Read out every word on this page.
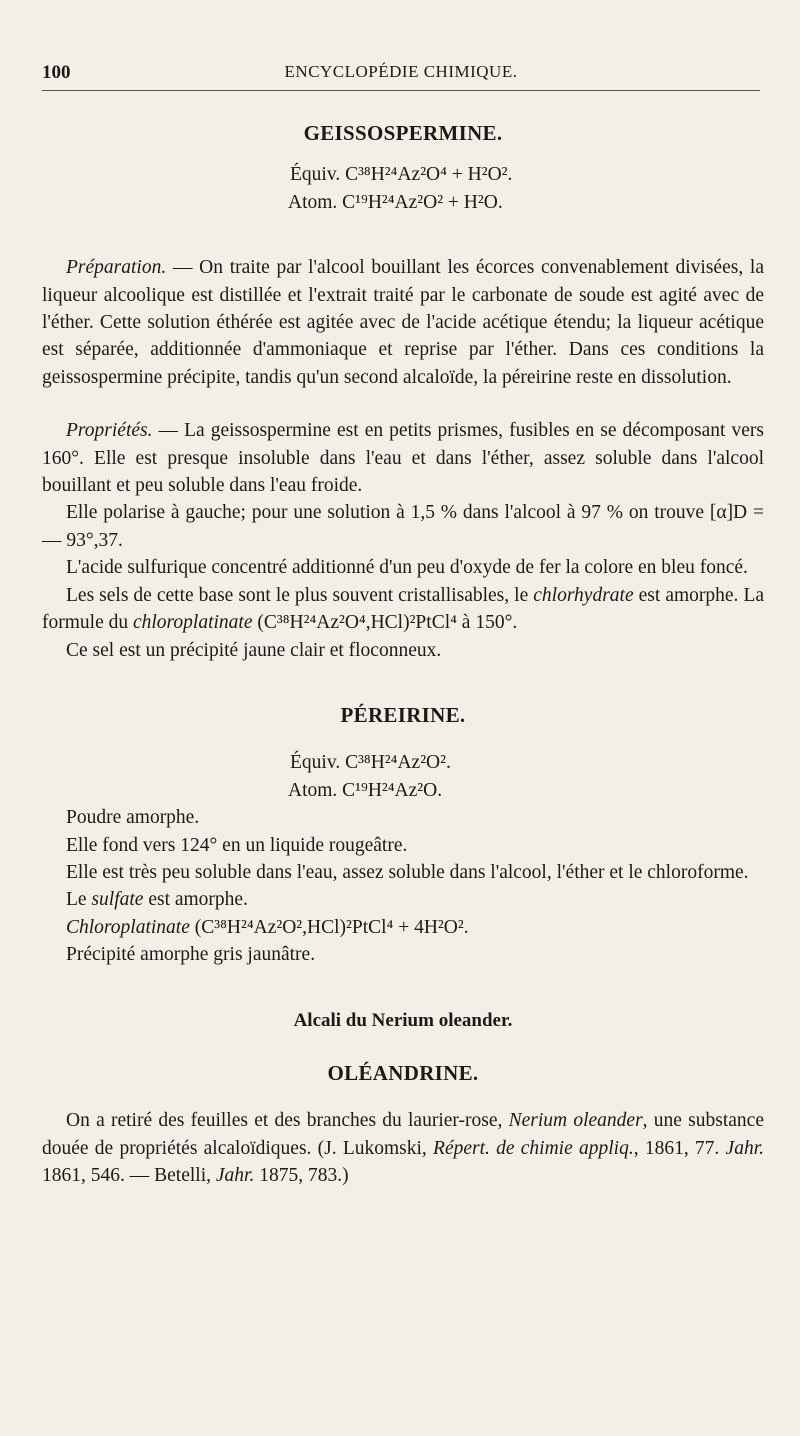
100	ENCYCLOPÉDIE CHIMIQUE.
GEISSOSPERMINE.
Équiv. C³⁸H²⁴Az²O⁴ + H²O².
Atom. C¹⁹H²⁴Az²O² + H²O.

Préparation. — On traite par l'alcool bouillant les écorces convenablement divisées, la liqueur alcoolique est distillée et l'extrait traité par le carbonate de soude est agité avec de l'éther. Cette solution éthérée est agitée avec de l'acide acétique étendu; la liqueur acétique est séparée, additionnée d'ammoniaque et reprise par l'éther. Dans ces conditions la geissospermine précipite, tandis qu'un second alcaloïde, la péreirine reste en dissolution.

Propriétés. — La geissospermine est en petits prismes, fusibles en se décomposant vers 160°. Elle est presque insoluble dans l'eau et dans l'éther, assez soluble dans l'alcool bouillant et peu soluble dans l'eau froide.

Elle polarise à gauche; pour une solution à 1,5 % dans l'alcool à 97 % on trouve [α]D = — 93°,37.

L'acide sulfurique concentré additionné d'un peu d'oxyde de fer la colore en bleu foncé.

Les sels de cette base sont le plus souvent cristallisables, le chlorhydrate est amorphe. La formule du chloroplatinate (C³⁸H²⁴Az²O⁴,HCl)²PtCl⁴ à 150°.

Ce sel est un précipité jaune clair et floconneux.

PÉREIRINE.
Équiv. C³⁸H²⁴Az²O².
Atom. C¹⁹H²⁴Az²O.

Poudre amorphe.

Elle fond vers 124° en un liquide rougeâtre.

Elle est très peu soluble dans l'eau, assez soluble dans l'alcool, l'éther et le chloroforme.

Le sulfate est amorphe.

Chloroplatinate (C³⁸H²⁴Az²O²,HCl)²PtCl⁴ + 4H²O².

Précipité amorphe gris jaunâtre.

Alcali du Nerium oleander.
OLÉANDRINE.

On a retiré des feuilles et des branches du laurier-rose, Nerium oleander, une substance douée de propriétés alcaloïdiques. (J. Lukomski, Répert. de chimie appliq., 1861, 77. Jahr. 1861, 546. — Betelli, Jahr. 1875, 783.)
